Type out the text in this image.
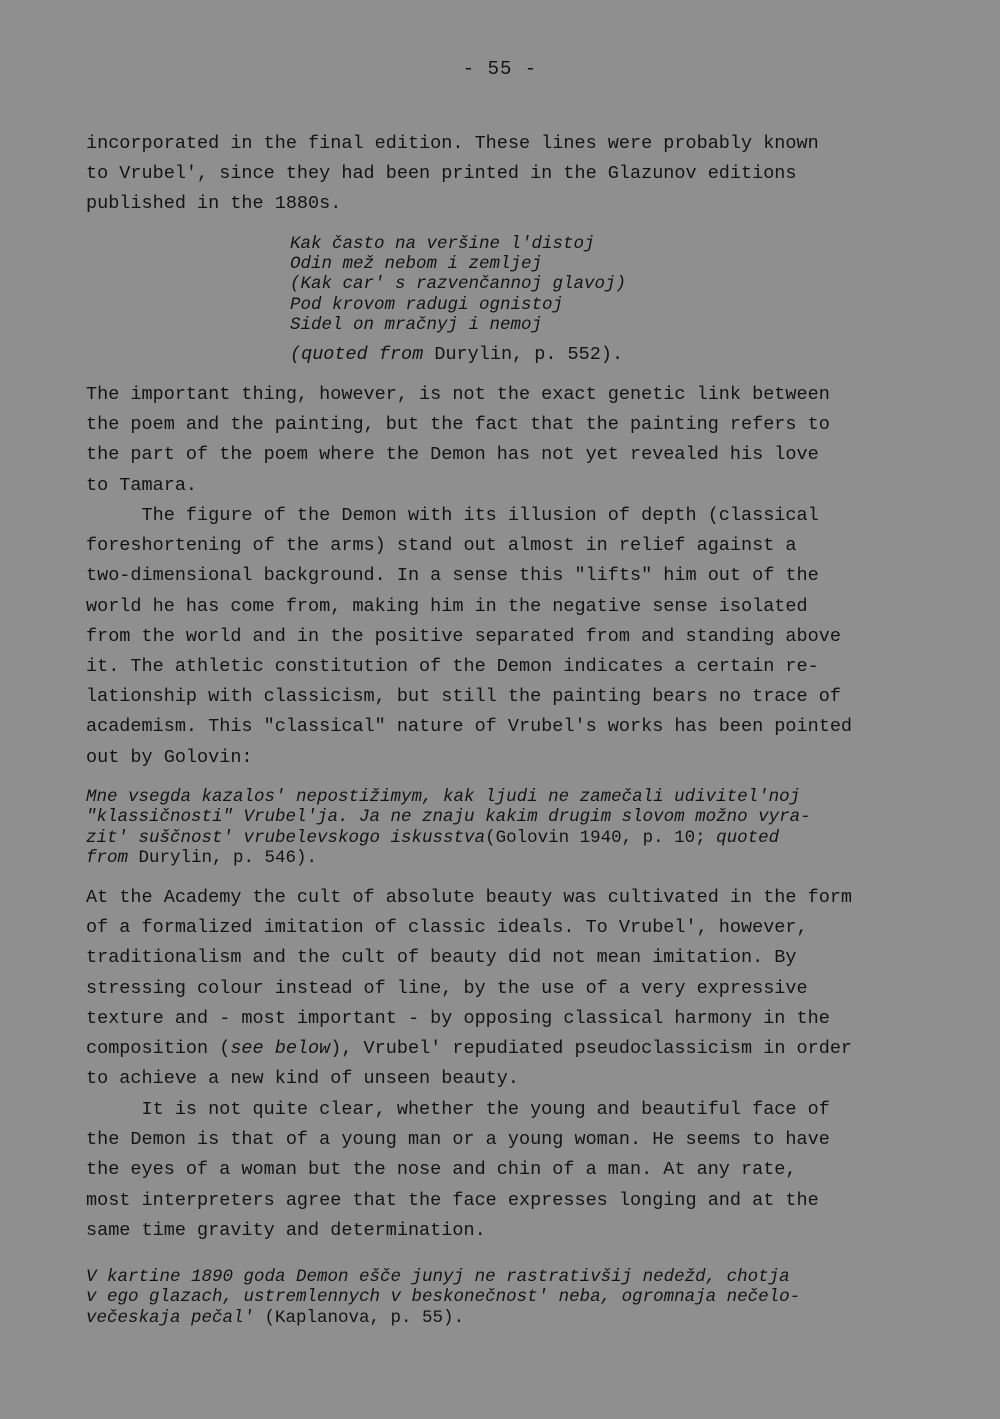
- 55 -

incorporated in the final edition. These lines were probably known
to Vrubel', since they had been printed in the Glazunov editions
published in the 1880s.

Kak často na veršine l'distoj
Odin mež nebom i zemljej
(Kak car' s razvenčannoj glavoj)
Pod krovom radugi ognistoj
Sidel on mračnyj i nemoj

(quoted from Durylin, p. 552).

The important thing, however, is not the exact genetic link between
the poem and the painting, but the fact that the painting refers to
the part of the poem where the Demon has not yet revealed his love
to Tamara.

The figure of the Demon with its illusion of depth (classical
foreshortening of the arms) stand out almost in relief against a
two-dimensional background. In a sense this "lifts" him out of the
world he has come from, making him in the negative sense isolated
from the world and in the positive separated from and standing above
it. The athletic constitution of the Demon indicates a certain re-
lationship with classicism, but still the painting bears no trace of
academism. This "classical" nature of Vrubel's works has been pointed
out by Golovin:

Mne vsegda kazalos' nepostižimym, kak ljudi ne zamečali udivitel'noj
"klassičnosti" Vrubel'ja. Ja ne znaju kakim drugim slovom možno vyra-
zit' suščnost' vrubelevskogo iskusstva(Golovin 1940, p. 10; quoted
from Durylin, p. 546).

At the Academy the cult of absolute beauty was cultivated in the form
of a formalized imitation of classic ideals. To Vrubel', however,
traditionalism and the cult of beauty did not mean imitation. By
stressing colour instead of line, by the use of a very expressive
texture and - most important - by opposing classical harmony in the
composition (see below), Vrubel' repudiated pseudoclassicism in order
to achieve a new kind of unseen beauty.

It is not quite clear, whether the young and beautiful face of
the Demon is that of a young man or a young woman. He seems to have
the eyes of a woman but the nose and chin of a man. At any rate,
most interpreters agree that the face expresses longing and at the
same time gravity and determination.

V kartine 1890 goda Demon ešče junyj ne rastrativšij nedežd, chotja
v ego glazach, ustremlennych v beskonečnost' neba, ogromnaja nečelo-
večeskaja pečal' (Kaplanova, p. 55).
